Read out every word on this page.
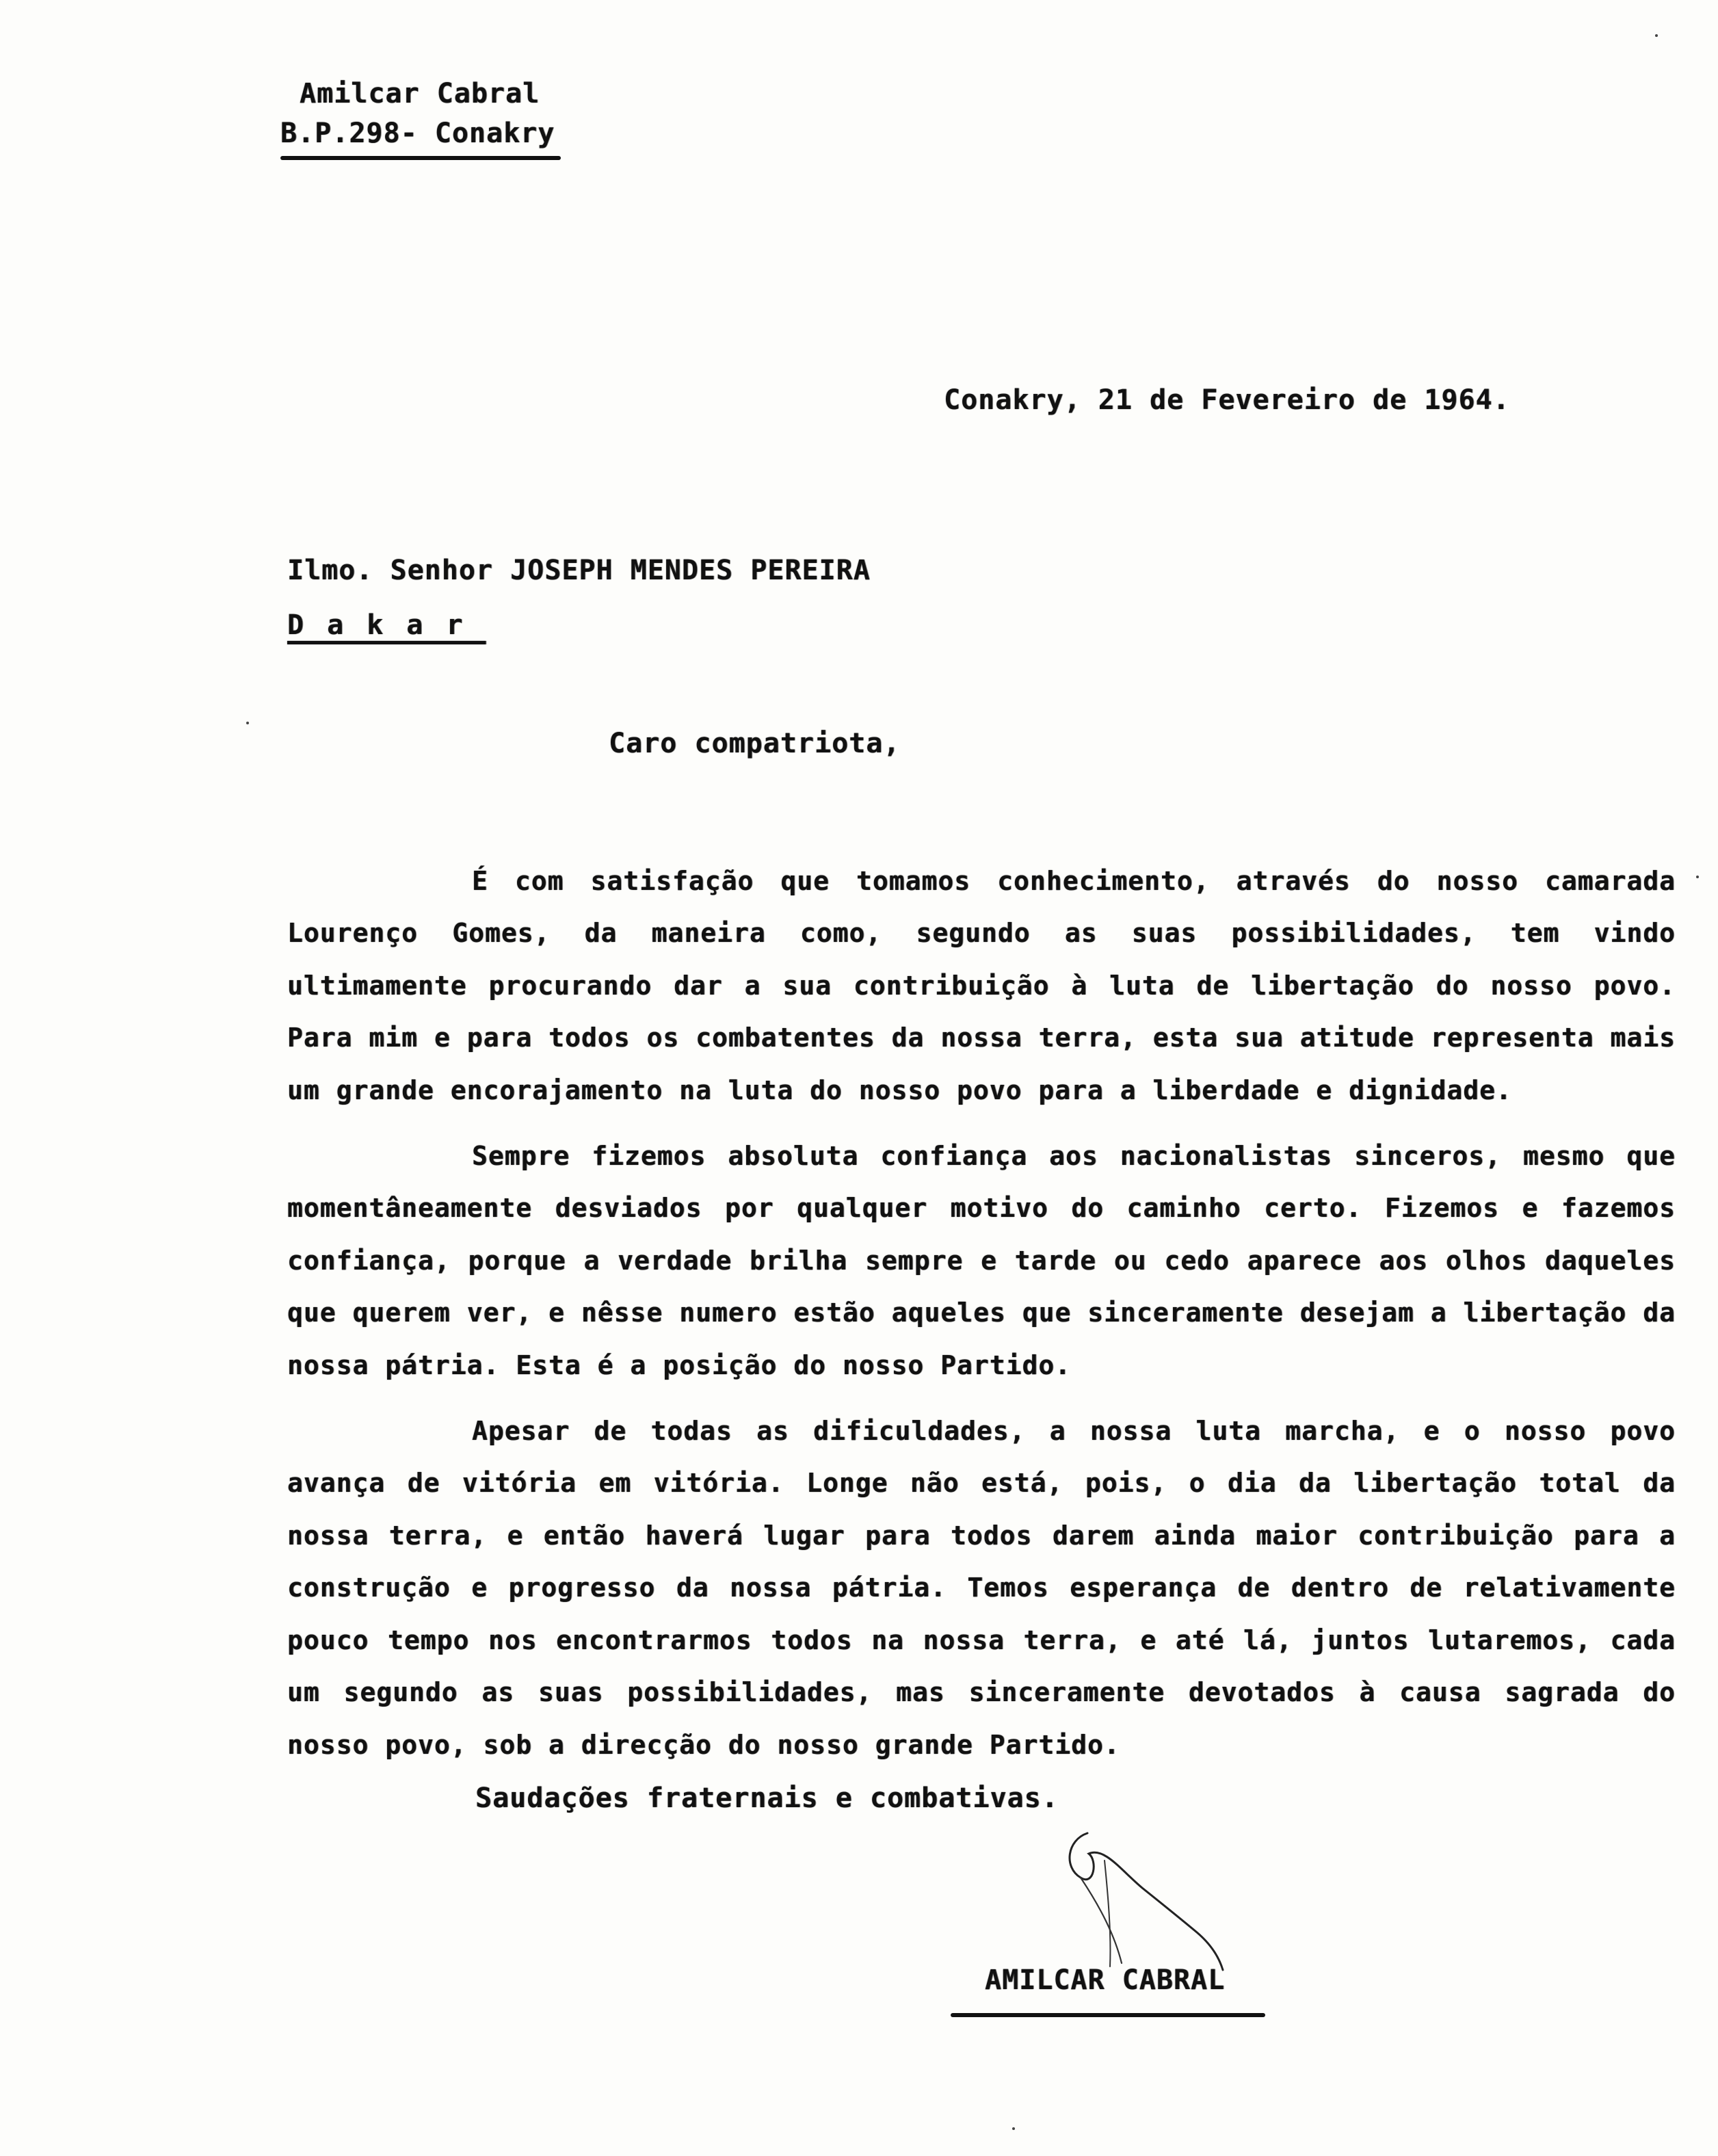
Amilcar Cabral
B.P.298- Conakry
Conakry, 21 de Fevereiro de 1964.
Ilmo. Senhor JOSEPH MENDES PEREIRA
Dakar
Caro compatriota,

É com satisfação que tomamos conhecimento, através do nosso camarada Lourenço Gomes, da maneira como, segundo as suas possibilidades, tem vindo ultimamente procurando dar a sua contribuição à luta de libertação do nosso povo. Para mim e para todos os combatentes da nossa terra, esta sua atitude representa mais um grande encorajamento na luta do nosso povo para a liberdade e dignidade.

Sempre fizemos absoluta confiança aos nacionalistas sinceros, mesmo que momentâneamente desviados por qualquer motivo do caminho certo. Fizemos e fazemos confiança, porque a verdade brilha sempre e tarde ou cedo aparece aos olhos daqueles que querem ver, e nêsse numero estão aqueles que sinceramente desejam a libertação da nossa pátria. Esta é a posição do nosso Partido.

Apesar de todas as dificuldades, a nossa luta marcha, e o nosso povo avança de vitória em vitória. Longe não está, pois, o dia da libertação total da nossa terra, e então haverá lugar para todos darem ainda maior contribuição para a construção e progresso da nossa pátria. Temos esperança de dentro de relativamente pouco tempo nos encontrarmos todos na nossa terra, e até lá, juntos lutaremos, cada um segundo as suas possibilidades, mas sinceramente devotados à causa sagrada do nosso povo, sob a direcção do nosso grande Partido.

Saudações fraternais e combativas.
AMILCAR CABRAL
